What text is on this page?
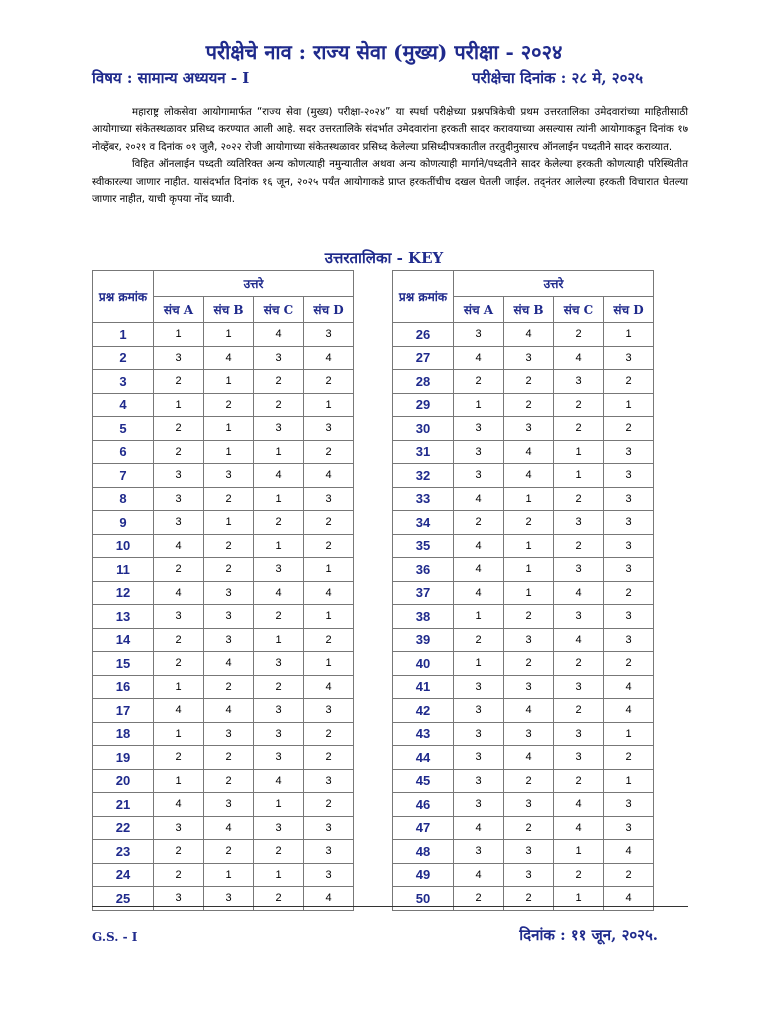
परीक्षेचे नाव : राज्य सेवा (मुख्य) परीक्षा - २०२४
विषय : सामान्य अध्ययन - I	परीक्षेचा दिनांक : २८ मे, २०२५

महाराष्ट्र लोकसेवा आयोगामार्फत “राज्य सेवा (मुख्य) परीक्षा-२०२४” या स्पर्धा परीक्षेच्या प्रश्नपत्रिकेची प्रथम उत्तरतालिका उमेदवारांच्या माहितीसाठी आयोगाच्या संकेतस्थळावर प्रसिध्द करण्यात आली आहे. सदर उत्तरतालिके संदर्भात उमेदवारांना हरकती सादर करावयाच्या असल्यास त्यांनी आयोगाकडून दिनांक १७ नोव्हेंबर, २०२१ व दिनांक ०१ जुलै, २०२२ रोजी आयोगाच्या संकेतस्थळावर प्रसिध्द केलेल्या प्रसिध्दीपत्रकातील तरतुदीनुसारच ऑनलाईन पध्दतीने सादर कराव्यात.

विहित ऑनलाईन पध्दती व्यतिरिक्त अन्य कोणत्याही नमुन्यातील अथवा अन्य कोणत्याही मार्गाने/पध्दतीने सादर केलेल्या हरकती कोणत्याही परिस्थितीत स्वीकारल्या जाणार नाहीत. यासंदर्भात दिनांक १६ जून, २०२५ पर्यंत आयोगाकडे प्राप्त हरकतींचीच दखल घेतली जाईल. तद्नंतर आलेल्या हरकती विचारात घेतल्या जाणार नाहीत, याची कृपया नोंद घ्यावी.

उत्तरतालिका - KEY
प्रश्न क्रमांक	उत्तरे			
	संच A	संच B	संच C	संच D
1	1	1	4	3
2	3	4	3	4
3	2	1	2	2
4	1	2	2	1
5	2	1	3	3
6	2	1	1	2
7	3	3	4	4
8	3	2	1	3
9	3	1	2	2
10	4	2	1	2
11	2	2	3	1
12	4	3	4	4
13	3	3	2	1
14	2	3	1	2
15	2	4	3	1
16	1	2	2	4
17	4	4	3	3
18	1	3	3	2
19	2	2	3	2
20	1	2	4	3
21	4	3	1	2
22	3	4	3	3
23	2	2	2	3
24	2	1	1	3
25	3	3	2	4
प्रश्न क्रमांक	उत्तरे			
	संच A	संच B	संच C	संच D
26	3	4	2	1
27	4	3	4	3
28	2	2	3	2
29	1	2	2	1
30	3	3	2	2
31	3	4	1	3
32	3	4	1	3
33	4	1	2	3
34	2	2	3	3
35	4	1	2	3
36	4	1	3	3
37	4	1	4	2
38	1	2	3	3
39	2	3	4	3
40	1	2	2	2
41	3	3	3	4
42	3	4	2	4
43	3	3	3	1
44	3	4	3	2
45	3	2	2	1
46	3	3	4	3
47	4	2	4	3
48	3	3	1	4
49	4	3	2	2
50	2	2	1	4
G.S. - I	दिनांक : ११ जून, २०२५.
